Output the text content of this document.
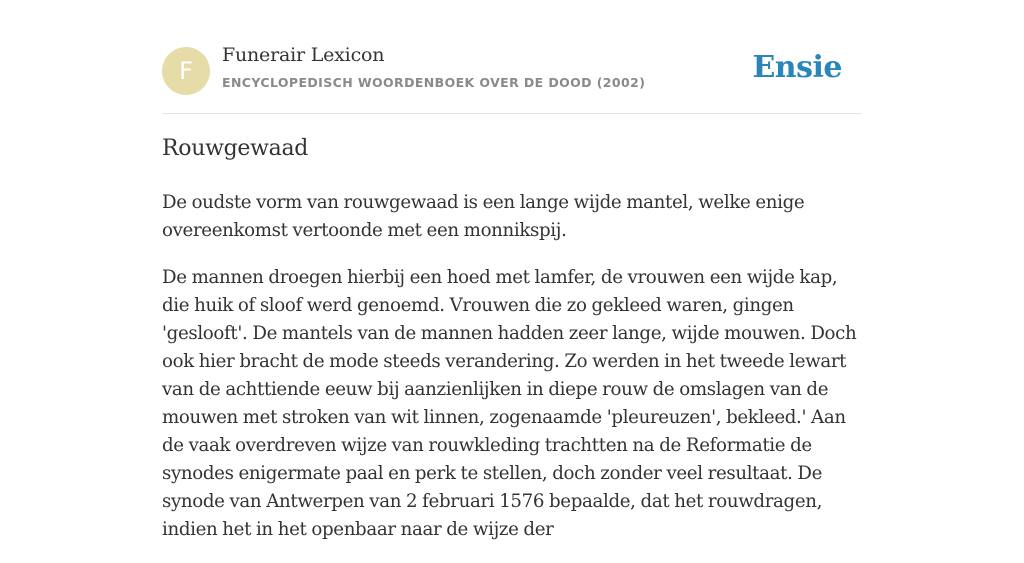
F
Funerair Lexicon
ENCYCLOPEDISCH WOORDENBOEK OVER DE DOOD (2002)	Ensie
Rouwgewaad

De oudste vorm van rouwgewaad is een lange wijde mantel, welke enige overeenkomst vertoonde met een monnikspij.

De mannen droegen hierbij een hoed met lamfer, de vrouwen een wijde kap, die huik of sloof werd genoemd. Vrouwen die zo gekleed waren, gingen 'geslooft'. De mantels van de mannen hadden zeer lange, wijde mouwen. Doch ook hier bracht de mode steeds verandering. Zo werden in het tweede lewart van de achttiende eeuw bij aanzienlijken in diepe rouw de omslagen van de mouwen met stroken van wit linnen, zogenaamde 'pleureuzen', bekleed.' Aan de vaak overdreven wijze van rouwkleding trachtten na de Reformatie de synodes enigermate paal en perk te stellen, doch zonder veel resultaat. De synode van Antwerpen van 2 februari 1576 bepaalde, dat het rouwdragen, indien het in het openbaar naar de wijze der
